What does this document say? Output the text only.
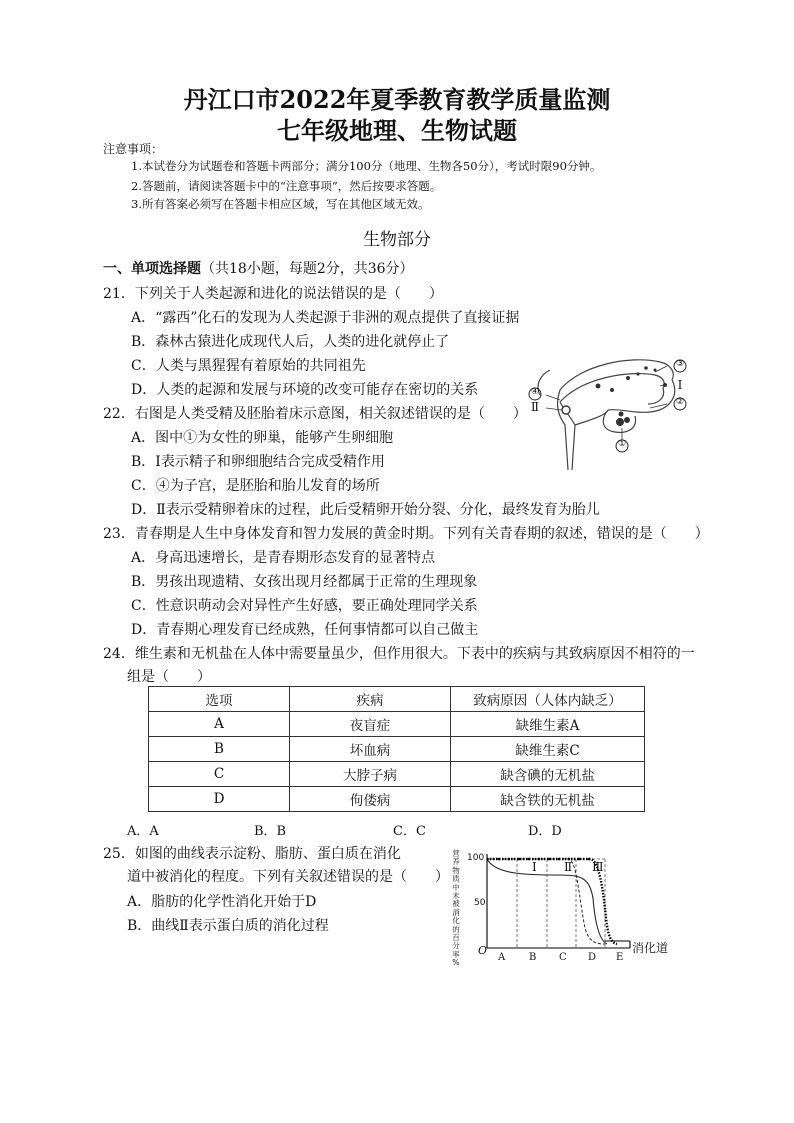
丹江口市2022年夏季教育教学质量监测
七年级地理、生物试题
注意事项：
1.本试卷分为试题卷和答题卡两部分；满分100分（地理、生物各50分），考试时限90分钟。
2.答题前，请阅读答题卡中的“注意事项”，然后按要求答题。
3.所有答案必须写在答题卡相应区域，写在其他区域无效。
生物部分
一、单项选择题（共18小题，每题2分，共36分）
21．下列关于人类起源和进化的说法错误的是（　　）
A．“露西”化石的发现为人类起源于非洲的观点提供了直接证据
B．森林古猿进化成现代人后，人类的进化就停止了
C．人类与黑猩猩有着原始的共同祖先
D．人类的起源和发展与环境的改变可能存在密切的关系
22．右图是人类受精及胚胎着床示意图，相关叙述错误的是（　　）
A．图中①为女性的卵巢，能够产生卵细胞
B．Ⅰ表示精子和卵细胞结合完成受精作用
C．④为子宫，是胚胎和胎儿发育的场所
D．Ⅱ表示受精卵着床的过程，此后受精卵开始分裂、分化，最终发育为胎儿
③
Ⅰ
②
④
Ⅱ
①
23．青春期是人生中身体发育和智力发展的黄金时期。下列有关青春期的叙述，错误的是（　　）
A．身高迅速增长，是青春期形态发育的显著特点
B．男孩出现遗精、女孩出现月经都属于正常的生理现象
C．性意识萌动会对异性产生好感，要正确处理同学关系
D．青春期心理发育已经成熟，任何事情都可以自己做主
24．维生素和无机盐在人体中需要量虽少，但作用很大。下表中的疾病与其致病原因不相符的一
组是（　　）
选项	疾病	致病原因（人体内缺乏）
A	夜盲症	缺维生素A
B	坏血病	缺维生素C
C	大脖子病	缺含碘的无机盐
D	佝偻病	缺含铁的无机盐
A．A	B．B	C．C	D．D
25．如图的曲线表示淀粉、脂肪、蛋白质在消化
道中被消化的程度。下列有关叙述错误的是（　　）
A．脂肪的化学性消化开始于D
B．曲线Ⅱ表示蛋白质的消化过程
营
养
物
质
中
未
被
消
化
的
百
分
率
%
100
50
O
A B C D E
消化道
Ⅰ Ⅱ Ⅲ
